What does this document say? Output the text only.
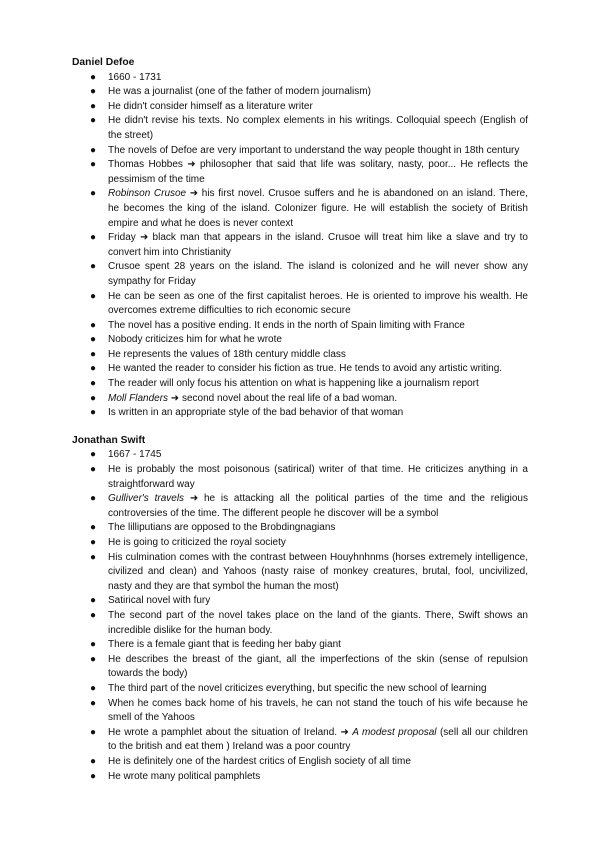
Daniel Defoe
● 1660 - 1731
● He was a journalist (one of the father of modern journalism)
● He didn't consider himself as a literature writer
● He didn't revise his texts. No complex elements in his writings. Colloquial speech (English of the street)
● The novels of Defoe are very important to understand the way people thought in 18th century
● Thomas Hobbes ➜ philosopher that said that life was solitary, nasty, poor... He reflects the pessimism of the time
● Robinson Crusoe ➜ his first novel. Crusoe suffers and he is abandoned on an island. There, he becomes the king of the island. Colonizer figure. He will establish the society of British empire and what he does is never context
● Friday ➜ black man that appears in the island. Crusoe will treat him like a slave and try to convert him into Christianity
● Crusoe spent 28 years on the island. The island is colonized and he will never show any sympathy for Friday
● He can be seen as one of the first capitalist heroes. He is oriented to improve his wealth. He overcomes extreme difficulties to rich economic secure
● The novel has a positive ending. It ends in the north of Spain limiting with France
● Nobody criticizes him for what he wrote
● He represents the values of 18th century middle class
● He wanted the reader to consider his fiction as true. He tends to avoid any artistic writing.
● The reader will only focus his attention on what is happening like a journalism report
● Moll Flanders ➜ second novel about the real life of a bad woman.
● Is written in an appropriate style of the bad behavior of that woman
Jonathan Swift
● 1667 - 1745
● He is probably the most poisonous (satirical) writer of that time. He criticizes anything in a straightforward way
● Gulliver's travels ➜ he is attacking all the political parties of the time and the religious controversies of the time. The different people he discover will be a symbol
● The lilliputians are opposed to the Brobdingnagians
● He is going to criticized the royal society
● His culmination comes with the contrast between Houyhnhnms (horses extremely intelligence, civilized and clean) and Yahoos (nasty raise of monkey creatures, brutal, fool, uncivilized, nasty and they are that symbol the human the most)
● Satirical novel with fury
● The second part of the novel takes place on the land of the giants. There, Swift shows an incredible dislike for the human body.
● There is a female giant that is feeding her baby giant
● He describes the breast of the giant, all the imperfections of the skin (sense of repulsion towards the body)
● The third part of the novel criticizes everything, but specific the new school of learning
● When he comes back home of his travels, he can not stand the touch of his wife because he smell of the Yahoos
● He wrote a pamphlet about the situation of Ireland. ➜ A modest proposal (sell all our children to the british and eat them ) Ireland was a poor country
● He is definitely one of the hardest critics of English society of all time
● He wrote many political pamphlets
